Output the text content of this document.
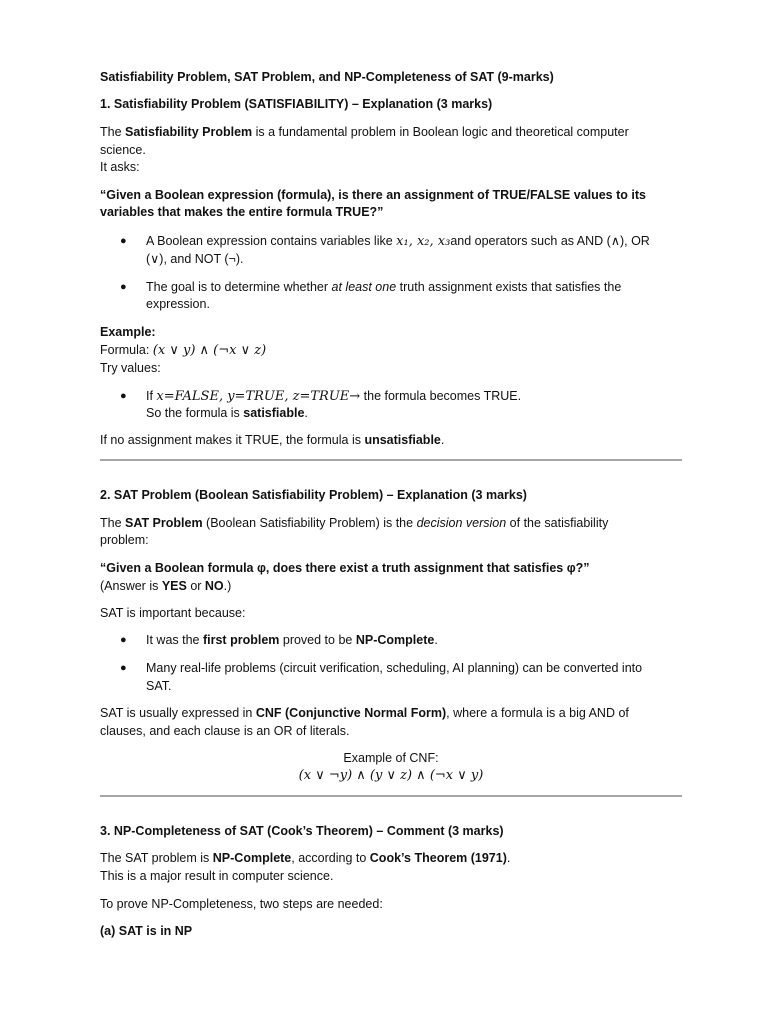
Satisfiability Problem, SAT Problem, and NP-Completeness of SAT (9-marks)
1. Satisfiability Problem (SATISFIABILITY) – Explanation (3 marks)
The Satisfiability Problem is a fundamental problem in Boolean logic and theoretical computer
science.
It asks:
“Given a Boolean expression (formula), is there an assignment of TRUE/FALSE values to its
variables that makes the entire formula TRUE?”
● A Boolean expression contains variables like x₁, x₂, x₃and operators such as AND (∧), OR
(∨), and NOT (¬).
● The goal is to determine whether at least one truth assignment exists that satisfies the
expression.
Example:
Formula: (x ∨ y) ∧ (¬x ∨ z)
Try values:
● If x=FALSE, y=TRUE, z=TRUE→ the formula becomes TRUE.
So the formula is satisfiable.
If no assignment makes it TRUE, the formula is unsatisfiable.
2. SAT Problem (Boolean Satisfiability Problem) – Explanation (3 marks)
The SAT Problem (Boolean Satisfiability Problem) is the decision version of the satisfiability
problem:
“Given a Boolean formula φ, does there exist a truth assignment that satisfies φ?”
(Answer is YES or NO.)
SAT is important because:
● It was the first problem proved to be NP-Complete.
● Many real-life problems (circuit verification, scheduling, AI planning) can be converted into
SAT.
SAT is usually expressed in CNF (Conjunctive Normal Form), where a formula is a big AND of
clauses, and each clause is an OR of literals.
Example of CNF:
(x ∨ ¬y) ∧ (y ∨ z) ∧ (¬x ∨ y)
3. NP-Completeness of SAT (Cook’s Theorem) – Comment (3 marks)
The SAT problem is NP-Complete, according to Cook’s Theorem (1971).
This is a major result in computer science.
To prove NP-Completeness, two steps are needed:
(a) SAT is in NP
